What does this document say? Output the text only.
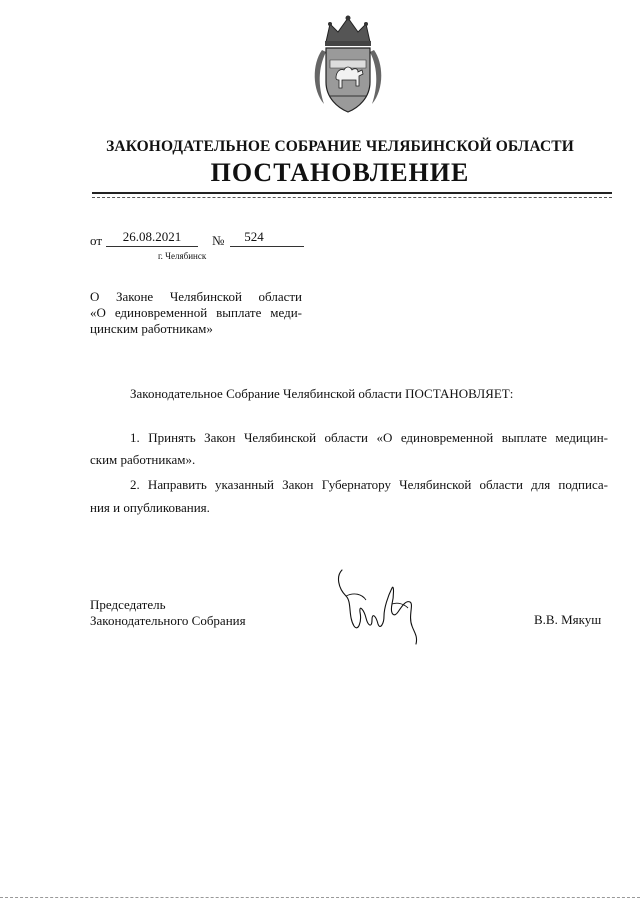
ЗАКОНОДАТЕЛЬНОЕ СОБРАНИЕ ЧЕЛЯБИНСКОЙ ОБЛАСТИ
ПОСТАНОВЛЕНИЕ
от	26.08.2021	№	524
г. Челябинск
О Законе Челябинской области
«О единовременной выплате меди-
цинским работникам»
Законодательное Собрание Челябинской области ПОСТАНОВЛЯЕТ:
1. Принять Закон Челябинской области «О единовременной выплате медицин-
ским работникам».
2. Направить указанный Закон Губернатору Челябинской области для подписа-
ния и опубликования.
Председатель
Законодательного Собрания	В.В. Мякуш
